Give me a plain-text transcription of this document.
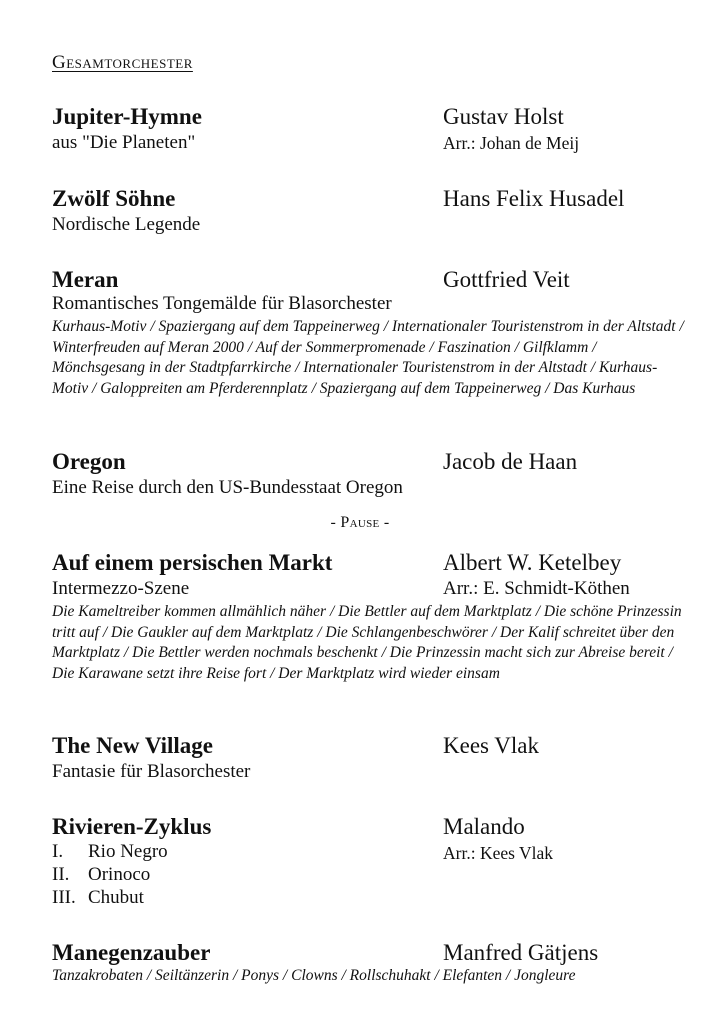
Gesamtorchester
Jupiter-Hymne
aus "Die Planeten"
Gustav Holst
Arr.: Johan de Meij
Zwölf Söhne
Nordische Legende
Hans Felix Husadel
Meran
Romantisches Tongemälde für Blasorchester
Gottfried Veit
Kurhaus-Motiv / Spaziergang auf dem Tappeinerweg / Internationaler Touristenstrom in der Altstadt / Winterfreuden auf Meran 2000 / Auf der Sommerpromenade / Faszination / Gilfklamm / Mönchsgesang in der Stadtpfarrkirche / Internationaler Touristenstrom in der Altstadt / Kurhaus-Motiv / Galoppreiten am Pferderennplatz / Spaziergang auf dem Tappeinerweg / Das Kurhaus
Oregon
Eine Reise durch den US-Bundesstaat Oregon
Jacob de Haan
- Pause -
Auf einem persischen Markt
Intermezzo-Szene
Albert W. Ketelbey
Arr.: E. Schmidt-Köthen
Die Kameltreiber kommen allmählich näher / Die Bettler auf dem Marktplatz / Die schöne Prinzessin tritt auf / Die Gaukler auf dem Marktplatz / Die Schlangenbeschwörer / Der Kalif schreitet über den Marktplatz / Die Bettler werden nochmals beschenkt / Die Prinzessin macht sich zur Abreise bereit / Die Karawane setzt ihre Reise fort / Der Marktplatz wird wieder einsam
The New Village
Fantasie für Blasorchester
Kees Vlak
Rivieren-Zyklus	Malando
Arr.: Kees Vlak
I. Rio Negro
II. Orinoco
III. Chubut
Manegenzauber	Manfred Gätjens
Tanzakrobaten / Seiltänzerin / Ponys / Clowns / Rollschuhakt / Elefanten / Jongleure
